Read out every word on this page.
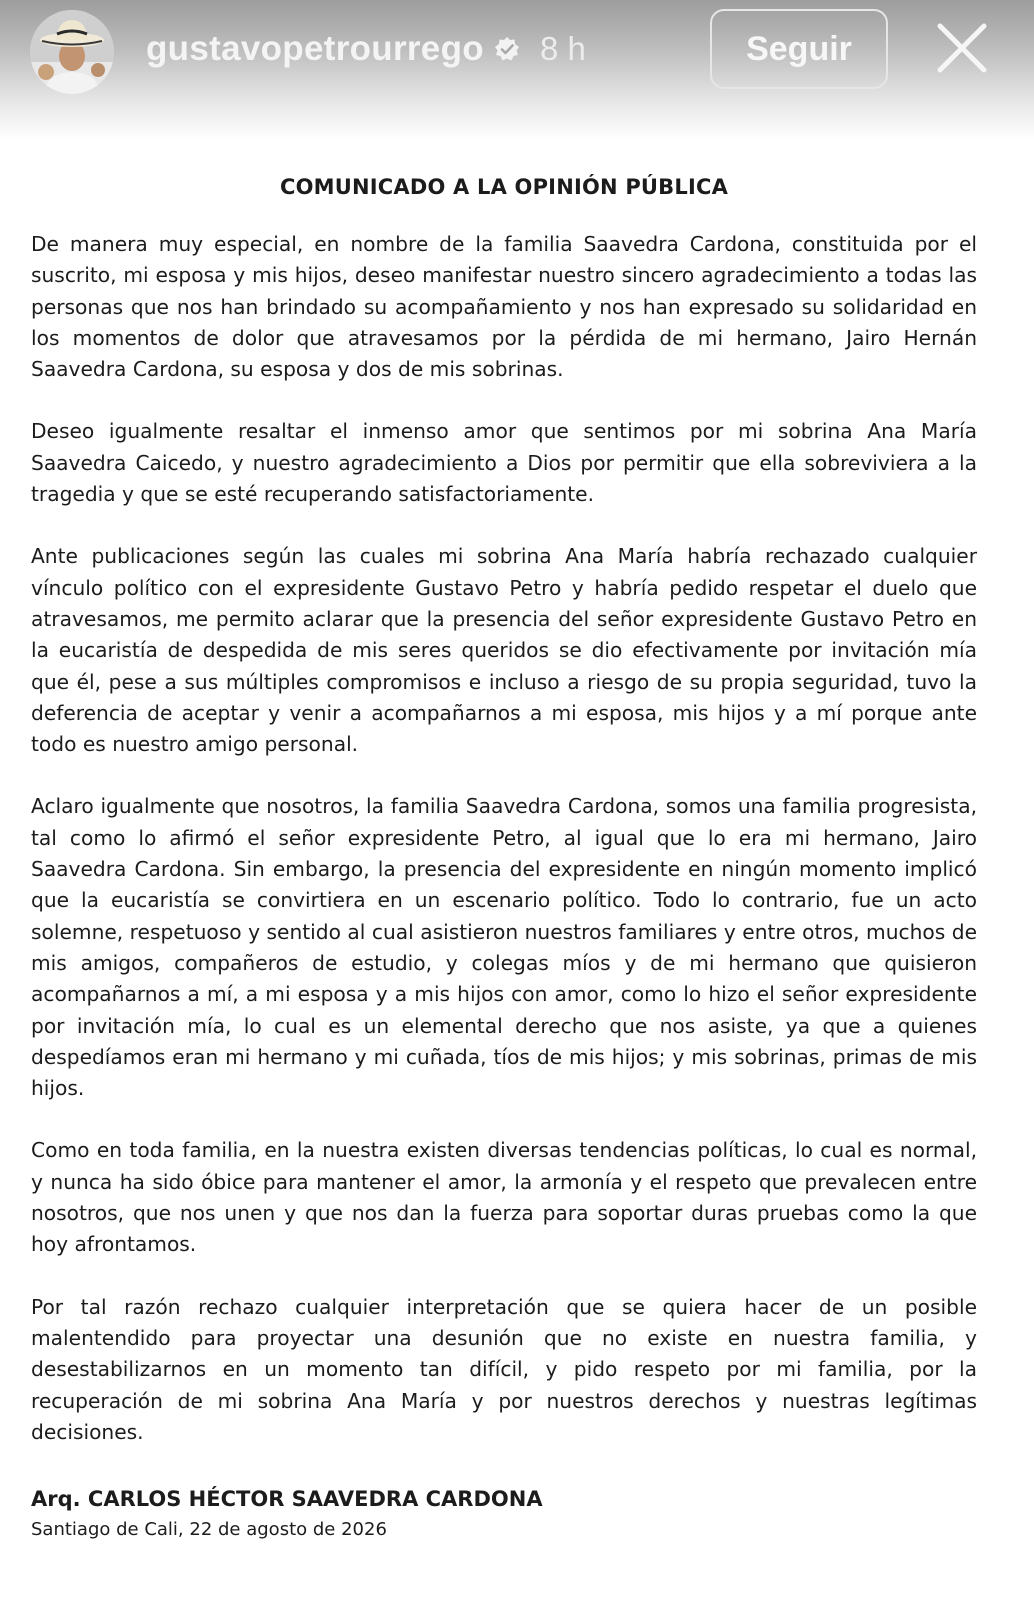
gustavopetrourrego 8 h	Seguir
COMUNICADO A LA OPINIÓN PÚBLICA

De manera muy especial, en nombre de la familia Saavedra Cardona, constituida por el suscrito, mi esposa y mis hijos, deseo manifestar nuestro sincero agradecimiento a todas las personas que nos han brindado su acompañamiento y nos han expresado su solidaridad en los momentos de dolor que atravesamos por la pérdida de mi hermano, Jairo Hernán Saavedra Cardona, su esposa y dos de mis sobrinas.

Deseo igualmente resaltar el inmenso amor que sentimos por mi sobrina Ana María Saavedra Caicedo, y nuestro agradecimiento a Dios por permitir que ella sobreviviera a la tragedia y que se esté recuperando satisfactoriamente.

Ante publicaciones según las cuales mi sobrina Ana María habría rechazado cualquier vínculo político con el expresidente Gustavo Petro y habría pedido respetar el duelo que atravesamos, me permito aclarar que la presencia del señor expresidente Gustavo Petro en la eucaristía de despedida de mis seres queridos se dio efectivamente por invitación mía que él, pese a sus múltiples compromisos e incluso a riesgo de su propia seguridad, tuvo la deferencia de aceptar y venir a acompañarnos a mi esposa, mis hijos y a mí porque ante todo es nuestro amigo personal.

Aclaro igualmente que nosotros, la familia Saavedra Cardona, somos una familia progresista, tal como lo afirmó el señor expresidente Petro, al igual que lo era mi hermano, Jairo Saavedra Cardona. Sin embargo, la presencia del expresidente en ningún momento implicó que la eucaristía se convirtiera en un escenario político. Todo lo contrario, fue un acto solemne, respetuoso y sentido al cual asistieron nuestros familiares y entre otros, muchos de mis amigos, compañeros de estudio, y colegas míos y de mi hermano que quisieron acompañarnos a mí, a mi esposa y a mis hijos con amor, como lo hizo el señor expresidente por invitación mía, lo cual es un elemental derecho que nos asiste, ya que a quienes despedíamos eran mi hermano y mi cuñada, tíos de mis hijos; y mis sobrinas, primas de mis hijos.

Como en toda familia, en la nuestra existen diversas tendencias políticas, lo cual es normal, y nunca ha sido óbice para mantener el amor, la armonía y el respeto que prevalecen entre nosotros, que nos unen y que nos dan la fuerza para soportar duras pruebas como la que hoy afrontamos.

Por tal razón rechazo cualquier interpretación que se quiera hacer de un posible malentendido para proyectar una desunión que no existe en nuestra familia, y desestabilizarnos en un momento tan difícil, y pido respeto por mi familia, por la recuperación de mi sobrina Ana María y por nuestros derechos y nuestras legítimas decisiones.

Arq. CARLOS HÉCTOR SAAVEDRA CARDONA
Santiago de Cali, 22 de agosto de 2026
